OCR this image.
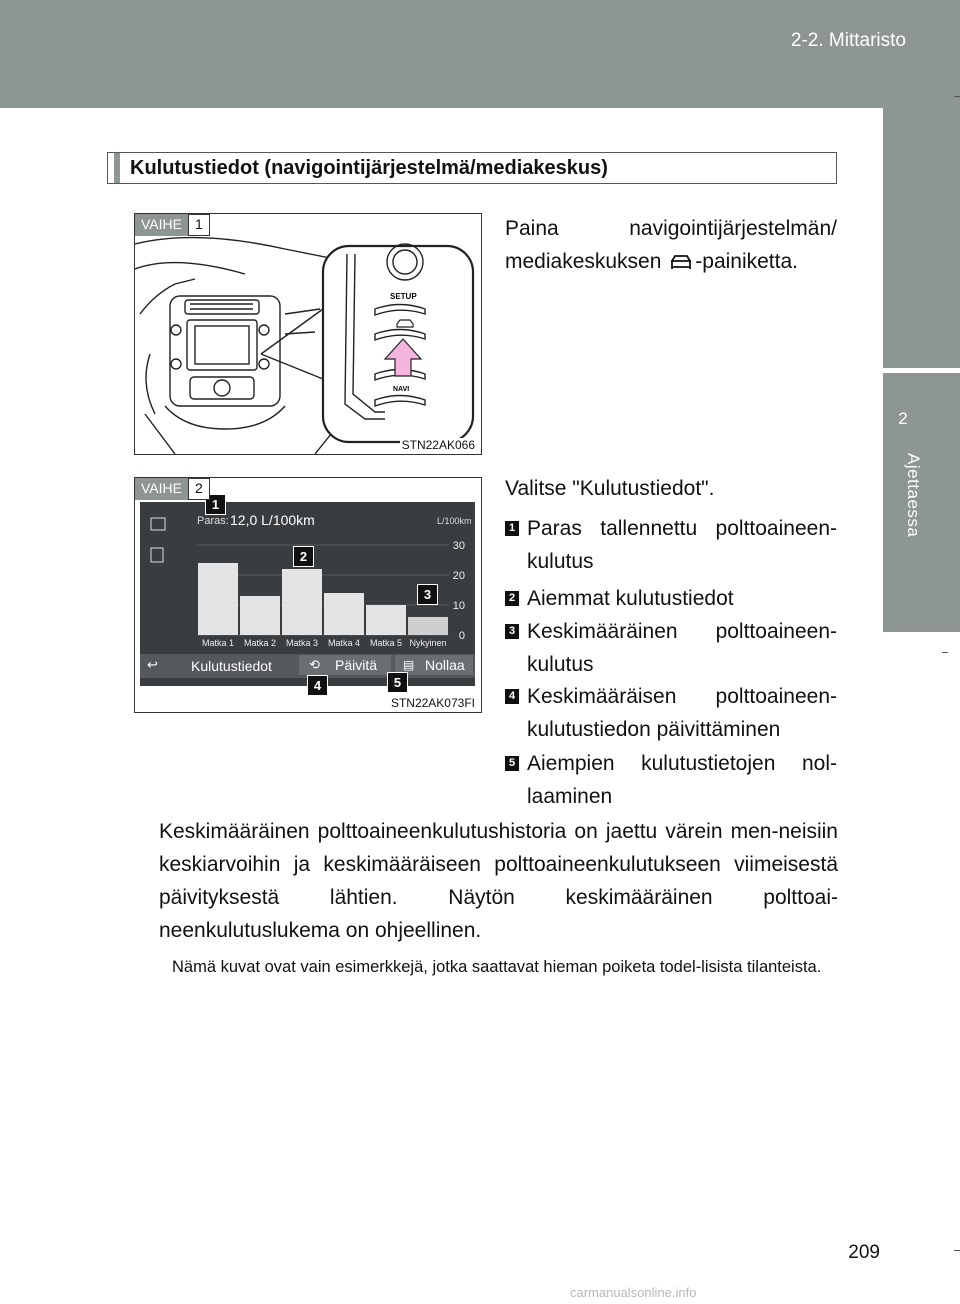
2-2. Mittaristo
2
Ajettaessa
Kulutustiedot (navigointijärjestelmä/mediakeskus)
SETUP
NAVI
VAIHE 1
STN22AK066
Paina navigointijärjestelmän/ mediakeskuksen -painiketta.
30
20
10
0
Matka 1 Matka 2 Matka 3 Matka 4 Matka 5 Nykyinen
Paras: 12,0 L/100km	L/100km
↩ Kulutustiedot	⟲ Päivitä ▤ Nollaa
1
2
3
4	5
VAIHE 2
STN22AK073FI
Valitse "Kulutustiedot".
1 Paras tallennettu polttoaineen-kulutus
2 Aiemmat kulutustiedot
3 Keskimääräinen polttoaineen-kulutus
4 Keskimääräisen polttoaineen-kulutustiedon päivittäminen
5 Aiempien kulutustietojen nol-laaminen
Keskimääräinen polttoaineenkulutushistoria on jaettu värein men-neisiin keskiarvoihin ja keskimääräiseen polttoaineenkulutukseen viimeisestä päivityksestä lähtien. Näytön keskimääräinen polttoai-neenkulutuslukema on ohjeellinen.
Nämä kuvat ovat vain esimerkkejä, jotka saattavat hieman poiketa todel-lisista tilanteista.
209
carmanualsonline.info
